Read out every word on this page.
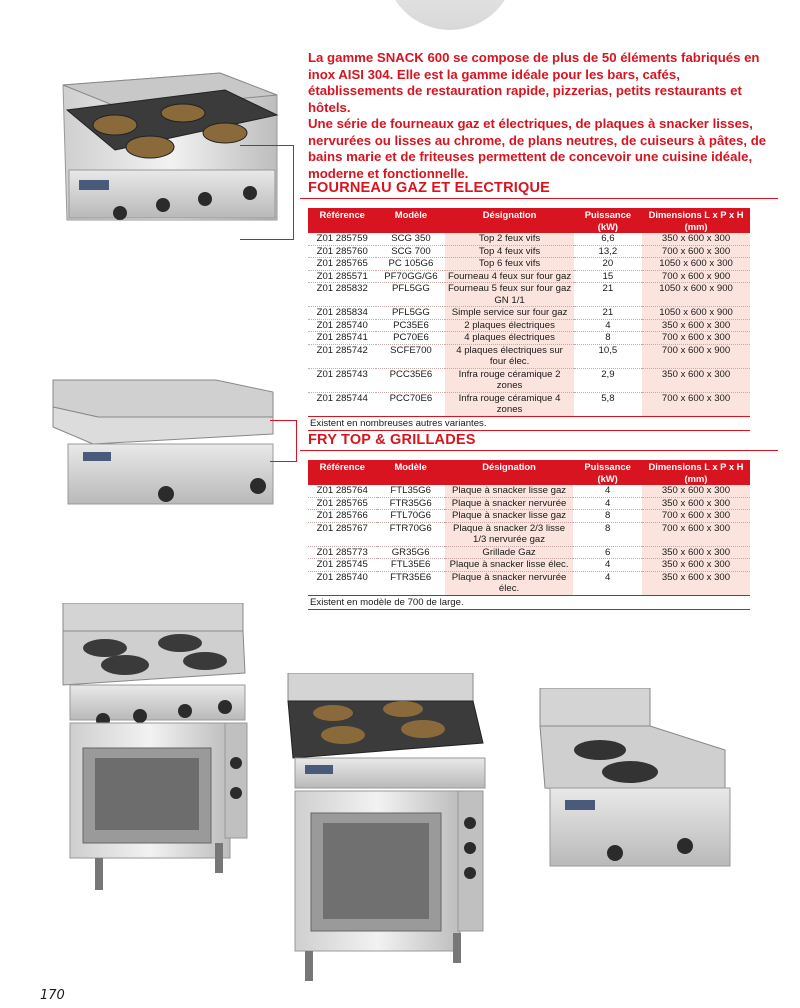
La gamme SNACK 600 se compose de plus de 50 éléments fabriqués en inox AISI 304. Elle est la gamme idéale pour les bars, cafés, établissements de restauration rapide, pizzerias, petits restaurants et hôtels.

Une série de fourneaux gaz et électriques, de plaques à snacker lisses, nervurées ou lisses au chrome, de plans neutres, de cuiseurs à pâtes, de bains marie et de friteuses permettent de concevoir une cuisine idéale, moderne et fonctionnelle.

FOURNEAU GAZ ET ELECTRIQUE
Référence	Modèle	Désignation	Puissance (kW)	Dimensions L x P x H (mm)
Z01 285759	SCG 350	Top 2 feux vifs	6,6	350 x 600 x 300
Z01 285760	SCG 700	Top 4 feux vifs	13,2	700 x 600 x 300
Z01 285765	PC 105G6	Top 6 feux vifs	20	1050 x 600 x 300
Z01 285571	PF70GG/G6	Fourneau 4 feux sur four gaz	15	700 x 600 x 900
Z01 285832	PFL5GG	Fourneau 5 feux sur four gaz GN 1/1	21	1050 x 600 x 900
Z01 285834	PFL5GG	Simple service sur four gaz	21	1050 x 600 x 900
Z01 285740	PC35E6	2 plaques électriques	4	350 x 600 x 300
Z01 285741	PC70E6	4 plaques électriques	8	700 x 600 x 300
Z01 285742	SCFE700	4 plaques électriques sur four élec.	10,5	700 x 600 x 900
Z01 285743	PCC35E6	Infra rouge céramique 2 zones	2,9	350 x 600 x 300
Z01 285744	PCC70E6	Infra rouge céramique 4 zones	5,8	700 x 600 x 300
Existent en nombreuses autres variantes.				
FRY TOP & GRILLADES
Référence	Modèle	Désignation	Puissance (kW)	Dimensions L x P x H (mm)
Z01 285764	FTL35G6	Plaque à snacker lisse gaz	4	350 x 600 x 300
Z01 285765	FTR35G6	Plaque à snacker nervurée	4	350 x 600 x 300
Z01 285766	FTL70G6	Plaque à snacker lisse gaz	8	700 x 600 x 300
Z01 285767	FTR70G6	Plaque à snacker 2/3 lisse 1/3 nervurée gaz	8	700 x 600 x 300
Z01 285773	GR35G6	Grillade Gaz	6	350 x 600 x 300
Z01 285745	FTL35E6	Plaque à snacker lisse élec.	4	350 x 600 x 300
Z01 285740	FTR35E6	Plaque à snacker nervurée élec.	4	350 x 600 x 300
Existent en modèle de 700 de large.				
170
